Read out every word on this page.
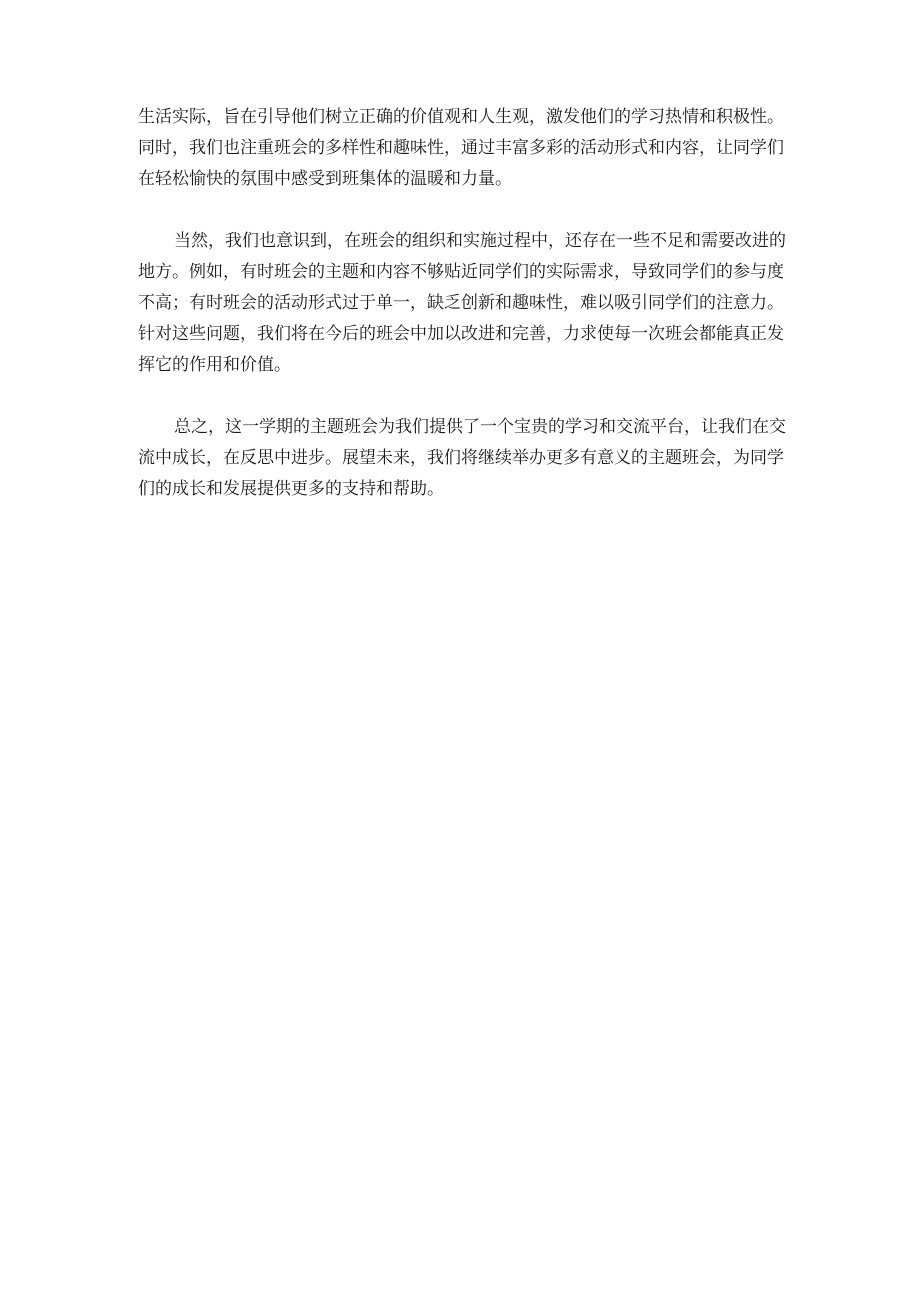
生活实际，旨在引导他们树立正确的价值观和人生观，激发他们的学习热情和积极性。
同时，我们也注重班会的多样性和趣味性，通过丰富多彩的活动形式和内容，让同学们
在轻松愉快的氛围中感受到班集体的温暖和力量。

当然，我们也意识到，在班会的组织和实施过程中，还存在一些不足和需要改进的
地方。例如，有时班会的主题和内容不够贴近同学们的实际需求，导致同学们的参与度
不高；有时班会的活动形式过于单一，缺乏创新和趣味性，难以吸引同学们的注意力。
针对这些问题，我们将在今后的班会中加以改进和完善，力求使每一次班会都能真正发
挥它的作用和价值。

总之，这一学期的主题班会为我们提供了一个宝贵的学习和交流平台，让我们在交
流中成长，在反思中进步。展望未来，我们将继续举办更多有意义的主题班会，为同学
们的成长和发展提供更多的支持和帮助。
